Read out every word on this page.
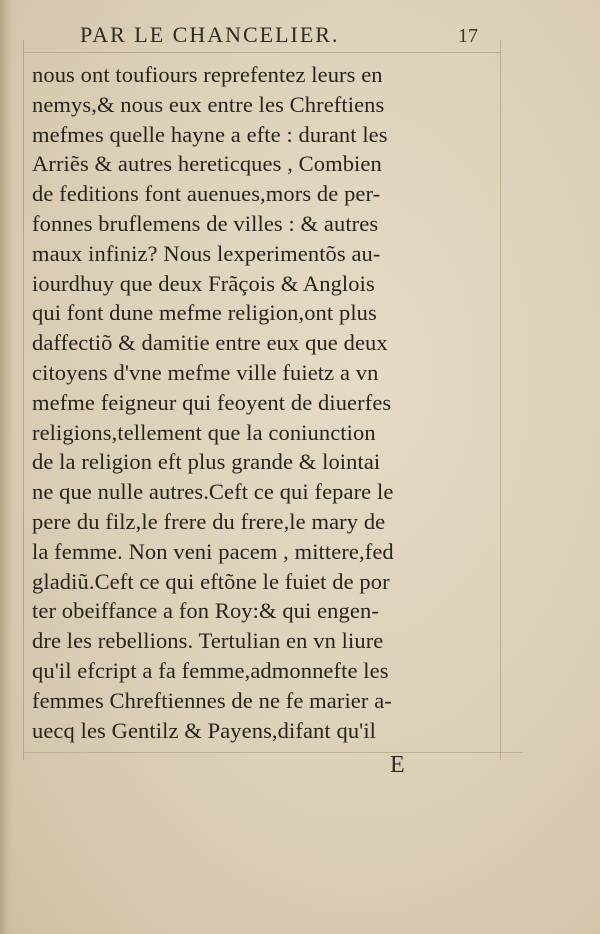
PAR LE CHANCELIER.	17
nous ont toufiours reprefentez leurs en
nemys,& nous eux entre les Chreftiens
mefmes quelle hayne a efte : durant les
Arriẽs & autres hereticques , Combien
de feditions font auenues,mors de per-
fonnes bruflemens de villes : & autres
maux infiniz? Nous lexperimentõs au-
iourdhuy que deux Frãçois & Anglois
qui font dune mefme religion,ont plus
daffectiõ & damitie entre eux que deux
citoyens d'vne mefme ville fuietz a vn
mefme feigneur qui feoyent de diuerfes
religions,tellement que la coniunction
de la religion eft plus grande & lointai
ne que nulle autres.Ceft ce qui fepare le
pere du filz,le frere du frere,le mary de
la femme. Non veni pacem , mittere,fed
gladiũ.Ceft ce qui eftõne le fuiet de por
ter obeiffance a fon Roy:& qui engen-
dre les rebellions. Tertulian en vn liure
qu'il efcript a fa femme,admonnefte les
femmes Chreftiennes de ne fe marier a-
uecq les Gentilz & Payens,difant qu'il
E
